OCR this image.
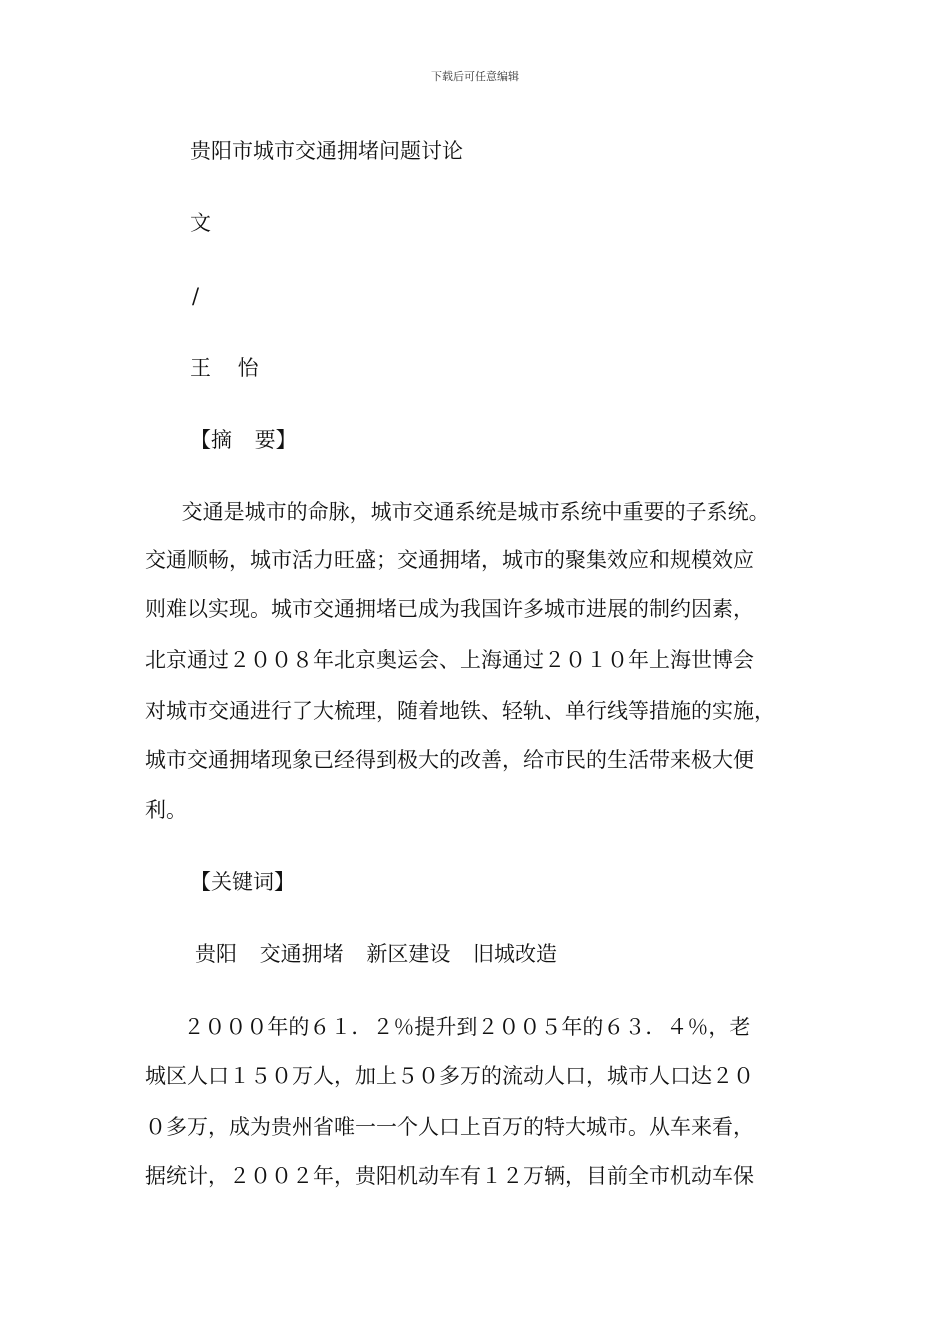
下载后可任意编辑
贵阳市城市交通拥堵问题讨论
文
/
王 怡
【摘 要】
交通是城市的命脉，城市交通系统是城市系统中重要的子系统。
交通顺畅，城市活力旺盛；交通拥堵，城市的聚集效应和规模效应
则难以实现。城市交通拥堵已成为我国许多城市进展的制约因素，
北京通过２００８年北京奥运会、上海通过２０１０年上海世博会
对城市交通进行了大梳理，随着地铁、轻轨、单行线等措施的实施，
城市交通拥堵现象已经得到极大的改善，给市民的生活带来极大便
利。
【关键词】
贵阳 交通拥堵 新区建设 旧城改造
２０００年的６１．２％提升到２００５年的６３．４％，老
城区人口１５０万人，加上５０多万的流动人口，城市人口达２０
０多万，成为贵州省唯一一个人口上百万的特大城市。从车来看，
据统计，２００２年，贵阳机动车有１２万辆，目前全市机动车保
